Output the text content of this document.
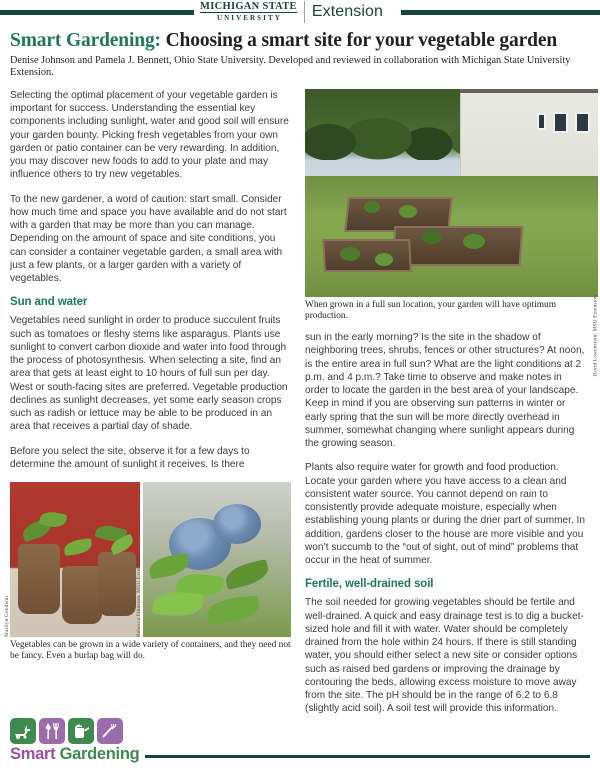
MICHIGAN STATE
UNIVERSITY	Extension
Smart Gardening: Choosing a smart site for your vegetable garden

Denise Johnson and Pamela J. Bennett, Ohio State University. Developed and reviewed in collaboration with Michigan State University Extension.

Selecting the optimal placement of your vegetable garden is important for success. Understanding the essential key components including sunlight, water and good soil will ensure your garden bounty. Picking fresh vegetables from your own garden or patio container can be very rewarding. In addition, you may discover new foods to add to your plate and may influence others to try new vegetables.

To the new gardener, a word of caution: start small. Consider how much time and space you have available and do not start with a garden that may be more than you can manage. Depending on the amount of space and site conditions, you can consider a container vegetable garden, a small area with just a few plants, or a larger garden with a variety of vegetables.

Sun and water

Vegetables need sunlight in order to produce succulent fruits such as tomatoes or fleshy stems like asparagus. Plants use sunlight to convert carbon dioxide and water into food through the process of photosynthesis. When selecting a site, find an area that gets at least eight to 10 hours of full sun per day. West or south-facing sites are preferred. Vegetable production declines as sunlight decreases, yet some early season crops such as radish or lettuce may be able to be produced in an area that receives a partial day of shade.

Before you select the site, observe it for a few days to determine the amount of sunlight it receives. Is there

Marilyn Goodwin	Rebecca Finneran, MSU Extension
Vegetables can be grown in a wide variety of containers, and they need not be fancy. Even a burlap bag will do.
David Lowenstein, MSU Extension
When grown in a full sun location, your garden will have optimum production.

sun in the early morning? Is the site in the shadow of neighboring trees, shrubs, fences or other structures? At noon, is the entire area in full sun? What are the light conditions at 2 p.m. and 4 p.m.? Take time to observe and make notes in order to locate the garden in the best area of your landscape. Keep in mind if you are observing sun patterns in winter or early spring that the sun will be more directly overhead in summer, somewhat changing where sunlight appears during the growing season.

Plants also require water for growth and food production. Locate your garden where you have access to a clean and consistent water source. You cannot depend on rain to consistently provide adequate moisture, especially when establishing young plants or during the drier part of summer. In addition, gardens closer to the house are more visible and you won’t succumb to the “out of sight, out of mind” problems that occur in the heat of summer.

Fertile, well-drained soil

The soil needed for growing vegetables should be fertile and well-drained. A quick and easy drainage test is to dig a bucket-sized hole and fill it with water. Water should be completely drained from the hole within 24 hours. If there is still standing water, you should either select a new site or consider options such as raised bed gardens or improving the drainage by contouring the beds, allowing excess moisture to move away from the site. The pH should be in the range of 6.2 to 6.8 (slightly acid soil). A soil test will provide this information.

Smart Gardening
